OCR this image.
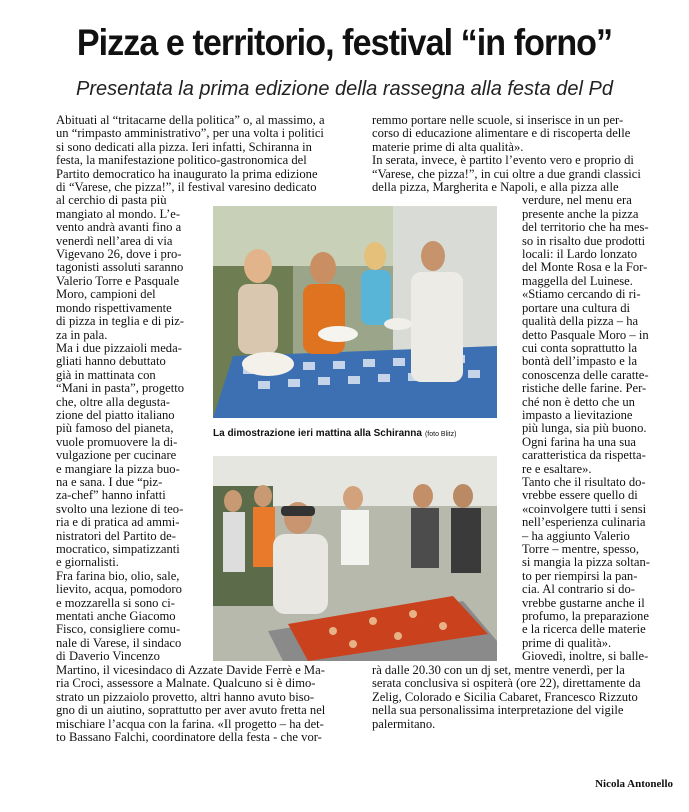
Pizza e territorio, festival “in forno”
Presentata la prima edizione della rassegna alla festa del Pd
Abituati al “tritacarne della politica” o, al massimo, a
un “rimpasto amministrativo”, per una volta i politici
si sono dedicati alla pizza. Ieri infatti, Schiranna in
festa, la manifestazione politico-gastronomica del
Partito democratico ha inaugurato la prima edizione
di “Varese, che pizza!”, il festival varesino dedicato
al cerchio di pasta più
mangiato al mondo. L’e-
vento andrà avanti fino a
venerdì nell’area di via
Vigevano 26, dove i pro-
tagonisti assoluti saranno
Valerio Torre e Pasquale
Moro, campioni del
mondo rispettivamente
di pizza in teglia e di piz-
za in pala.
Ma i due pizzaioli meda-
gliati hanno debuttato
già in mattinata con
“Mani in pasta”, progetto
che, oltre alla degusta-
zione del piatto italiano
più famoso del pianeta,
vuole promuovere la di-
vulgazione per cucinare
e mangiare la pizza buo-
na e sana. I due “piz-
za-chef” hanno infatti
svolto una lezione di teo-
ria e di pratica ad ammi-
nistratori del Partito de-
mocratico, simpatizzanti
e giornalisti.
Fra farina bio, olio, sale,
lievito, acqua, pomodoro
e mozzarella si sono ci-
mentati anche Giacomo
Fisco, consigliere comu-
nale di Varese, il sindaco
di Daverio Vincenzo
remmo portare nelle scuole, si inserisce in un per-
corso di educazione alimentare e di riscoperta delle
materie prime di alta qualità».
In serata, invece, è partito l’evento vero e proprio di
“Varese, che pizza!”, in cui oltre a due grandi classici
della pizza, Margherita e Napoli, e alla pizza alle
verdure, nel menu era
presente anche la pizza
del territorio che ha mes-
so in risalto due prodotti
locali: il Lardo lonzato
del Monte Rosa e la For-
maggella del Luinese.
«Stiamo cercando di ri-
portare una cultura di
qualità della pizza – ha
detto Pasquale Moro – in
cui conta soprattutto la
bontà dell’impasto e la
conoscenza delle caratte-
ristiche delle farine. Per-
ché non è detto che un
impasto a lievitazione
più lunga, sia più buono.
Ogni farina ha una sua
caratteristica da rispetta-
re e esaltare».
Tanto che il risultato do-
vrebbe essere quello di
«coinvolgere tutti i sensi
nell’esperienza culinaria
– ha aggiunto Valerio
Torre – mentre, spesso,
si mangia la pizza soltan-
to per riempirsi la pan-
cia. Al contrario si do-
vrebbe gustarne anche il
profumo, la preparazione
e la ricerca delle materie
prime di qualità».
Giovedì, inoltre, si balle-
La dimostrazione ieri mattina alla Schiranna (foto Blitz)
Martino, il vicesindaco di Azzate Davide Ferrè e Ma-
ria Croci, assessore a Malnate. Qualcuno si è dimo-
strato un pizzaiolo provetto, altri hanno avuto biso-
gno di un aiutino, soprattutto per aver avuto fretta nel
mischiare l’acqua con la farina. «Il progetto – ha det-
to Bassano Falchi, coordinatore della festa - che vor-
rà dalle 20.30 con un dj set, mentre venerdì, per la
serata conclusiva si ospiterà (ore 22), direttamente da
Zelig, Colorado e Sicilia Cabaret, Francesco Rizzuto
nella sua personalissima interpretazione del vigile
palermitano.
Nicola Antonello
